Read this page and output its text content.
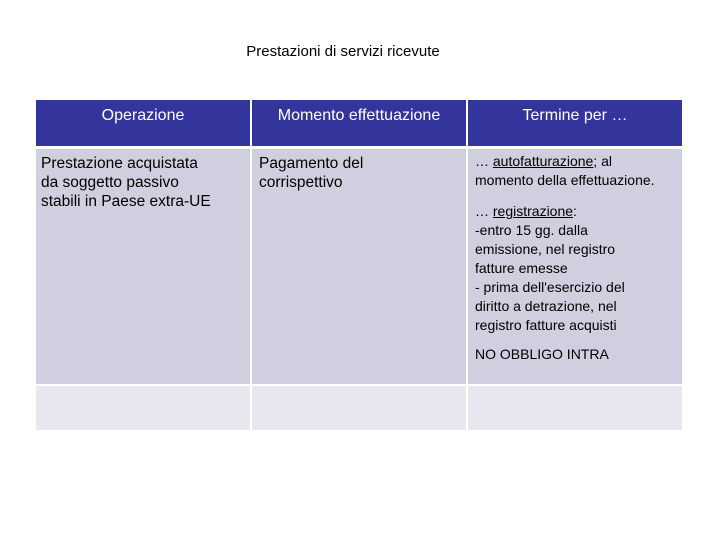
Prestazioni di servizi ricevute
Operazione	Momento effettuazione	Termine per …
Prestazione acquistata
da soggetto passivo
stabili in Paese extra-UE
Pagamento del
corrispettivo

… autofatturazione; al

momento della effettuazione.

… registrazione:

-entro 15 gg. dalla

emissione, nel registro

fatture emesse

- prima dell'esercizio del

diritto a detrazione, nel

registro fatture acquisti

NO OBBLIGO INTRA
